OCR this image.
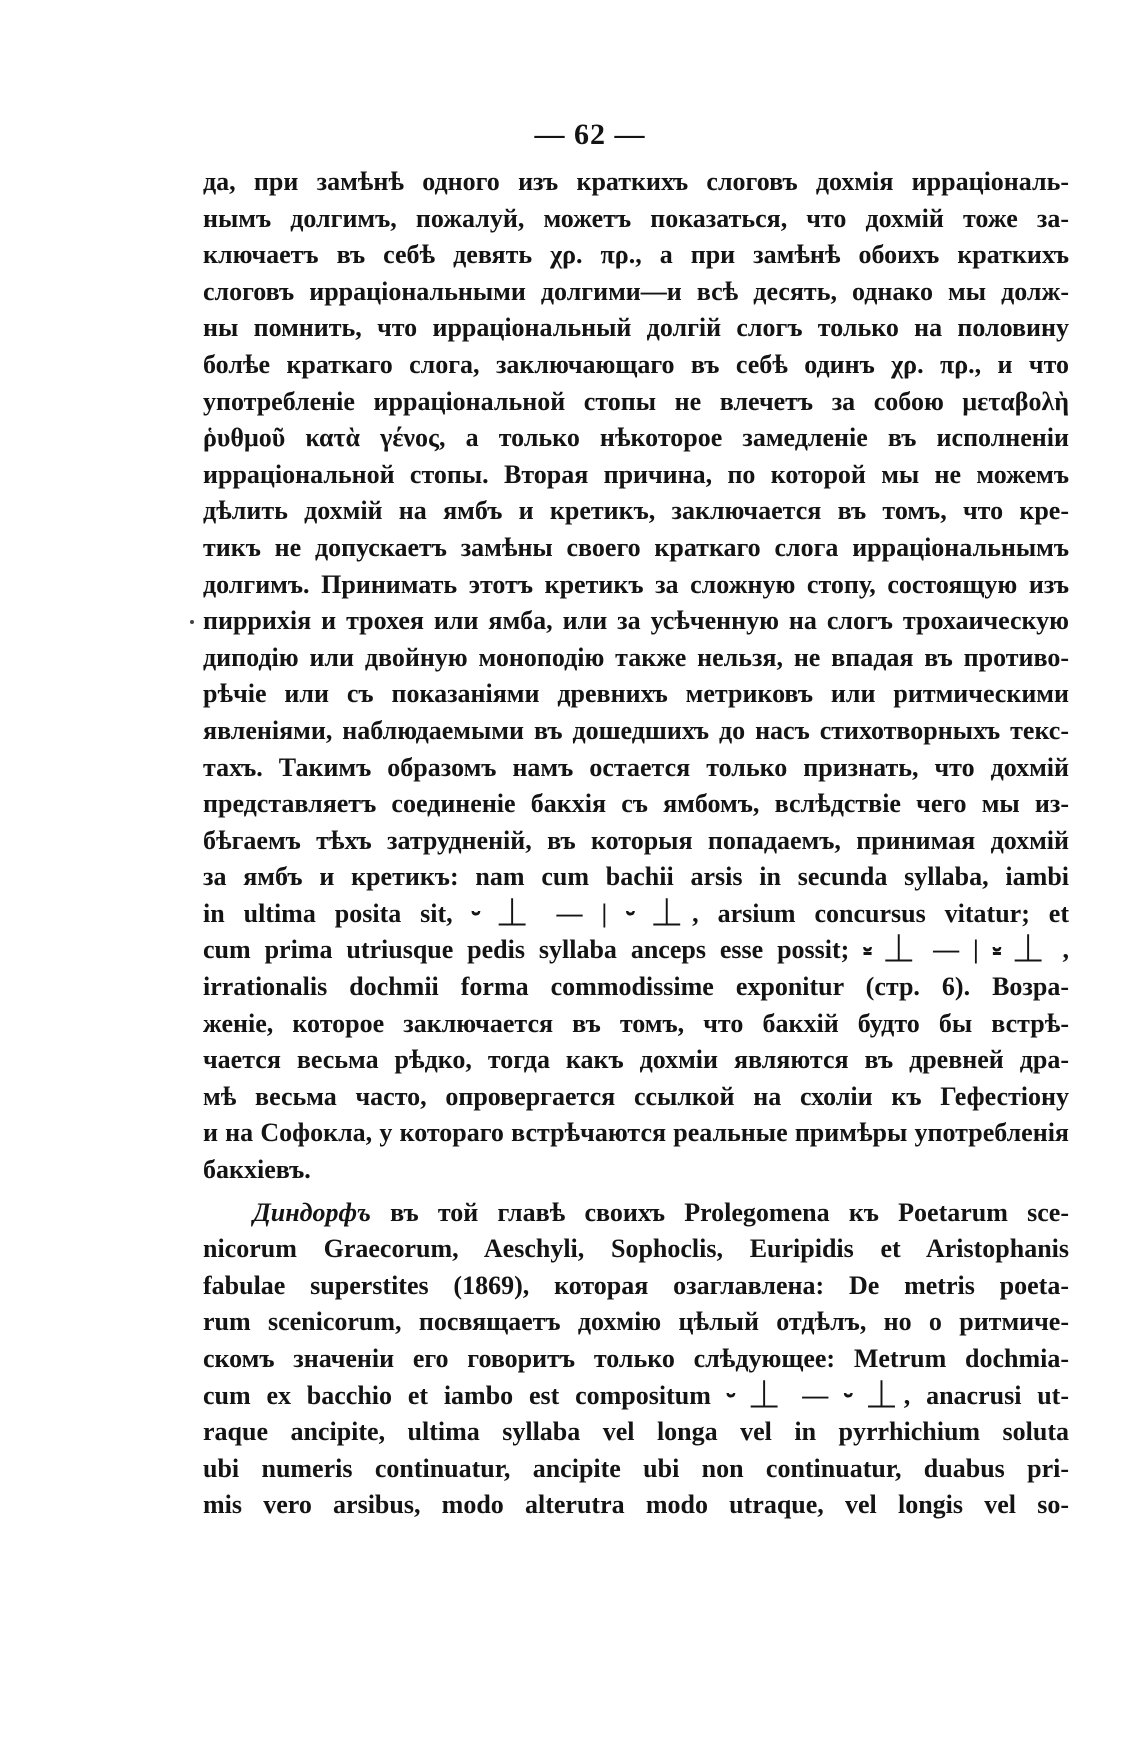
— 62 —
да, при замѣнѣ одного изъ краткихъ слоговъ дохмія ирраціональ-
нымъ долгимъ, пожалуй, можетъ показаться, что дохмій тоже за-
ключаетъ въ себѣ девять χρ. πρ., а при замѣнѣ обоихъ краткихъ
слоговъ ирраціональными долгими—и всѣ десять, однако мы долж-
ны помнить, что ирраціональный долгій слогъ только на половину
болѣе краткаго слога, заключающаго въ себѣ одинъ χρ. πρ., и что
употребленіе ирраціональной стопы не влечетъ за собою μεταβολὴ
ῥυθμοῦ κατὰ γένος, а только нѣкоторое замедленіе въ исполненіи
ирраціональной стопы. Вторая причина, по которой мы не можемъ
дѣлить дохмій на ямбъ и кретикъ, заключается въ томъ, что кре-
тикъ не допускаетъ замѣны своего краткаго слога ирраціональнымъ
долгимъ. Принимать этотъ кретикъ за сложную стопу, состоящую изъ
пиррихія и трохея или ямба, или за усѣченную на слогъ трохаическую
диподію или двойную моноподію также нельзя, не впадая въ противо-
рѣчіе или съ показаніями древнихъ метриковъ или ритмическими
явленіями, наблюдаемыми въ дошедшихъ до насъ стихотворныхъ текс-
тахъ. Такимъ образомъ намъ остается только признать, что дохмій
представляетъ соединеніе бакхія съ ямбомъ, вслѣдствіе чего мы из-
бѣгаемъ тѣхъ затрудненій, въ которыя попадаемъ, принимая дохмій
за ямбъ и кретикъ: nam cum bachii arsis in secunda syllaba, iambi
in ultima posita sit, ⏑ ⏊ — | ⏑ ⏊, arsium concursus vitatur; et
cum prima utriusque pedis syllaba anceps esse possit; ⏓ ⏊ — | ⏓ ⏊ ,
irrationalis dochmii forma commodissime exponitur (стр. 6). Возра-
женіе, которое заключается въ томъ, что бакхій будто бы встрѣ-
чается весьма рѣдко, тогда какъ дохміи являются въ древней дра-
мѣ весьма часто, опровергается ссылкой на схоліи къ Гефестіону
и на Софокла, у котораго встрѣчаются реальные примѣры употребленія
бакхіевъ.
Диндорфъ въ той главѣ своихъ Prolegomena къ Poetarum sce-
nicorum Graecorum, Aeschyli, Sophoclis, Euripidis et Aristophanis
fabulae superstites (1869), которая озаглавлена: De metris poeta-
rum scenicorum, посвящаетъ дохмію цѣлый отдѣлъ, но о ритмиче-
скомъ значеніи его говоритъ только слѣдующее: Metrum dochmia-
cum ex bacchio et iambo est compositum ⏑ ⏊ — ⏑ ⏊, anacrusi ut-
raque ancipite, ultima syllaba vel longa vel in pyrrhichium soluta
ubi numeris continuatur, ancipite ubi non continuatur, duabus pri-
mis vero arsibus, modo alterutra modo utraque, vel longis vel so-
